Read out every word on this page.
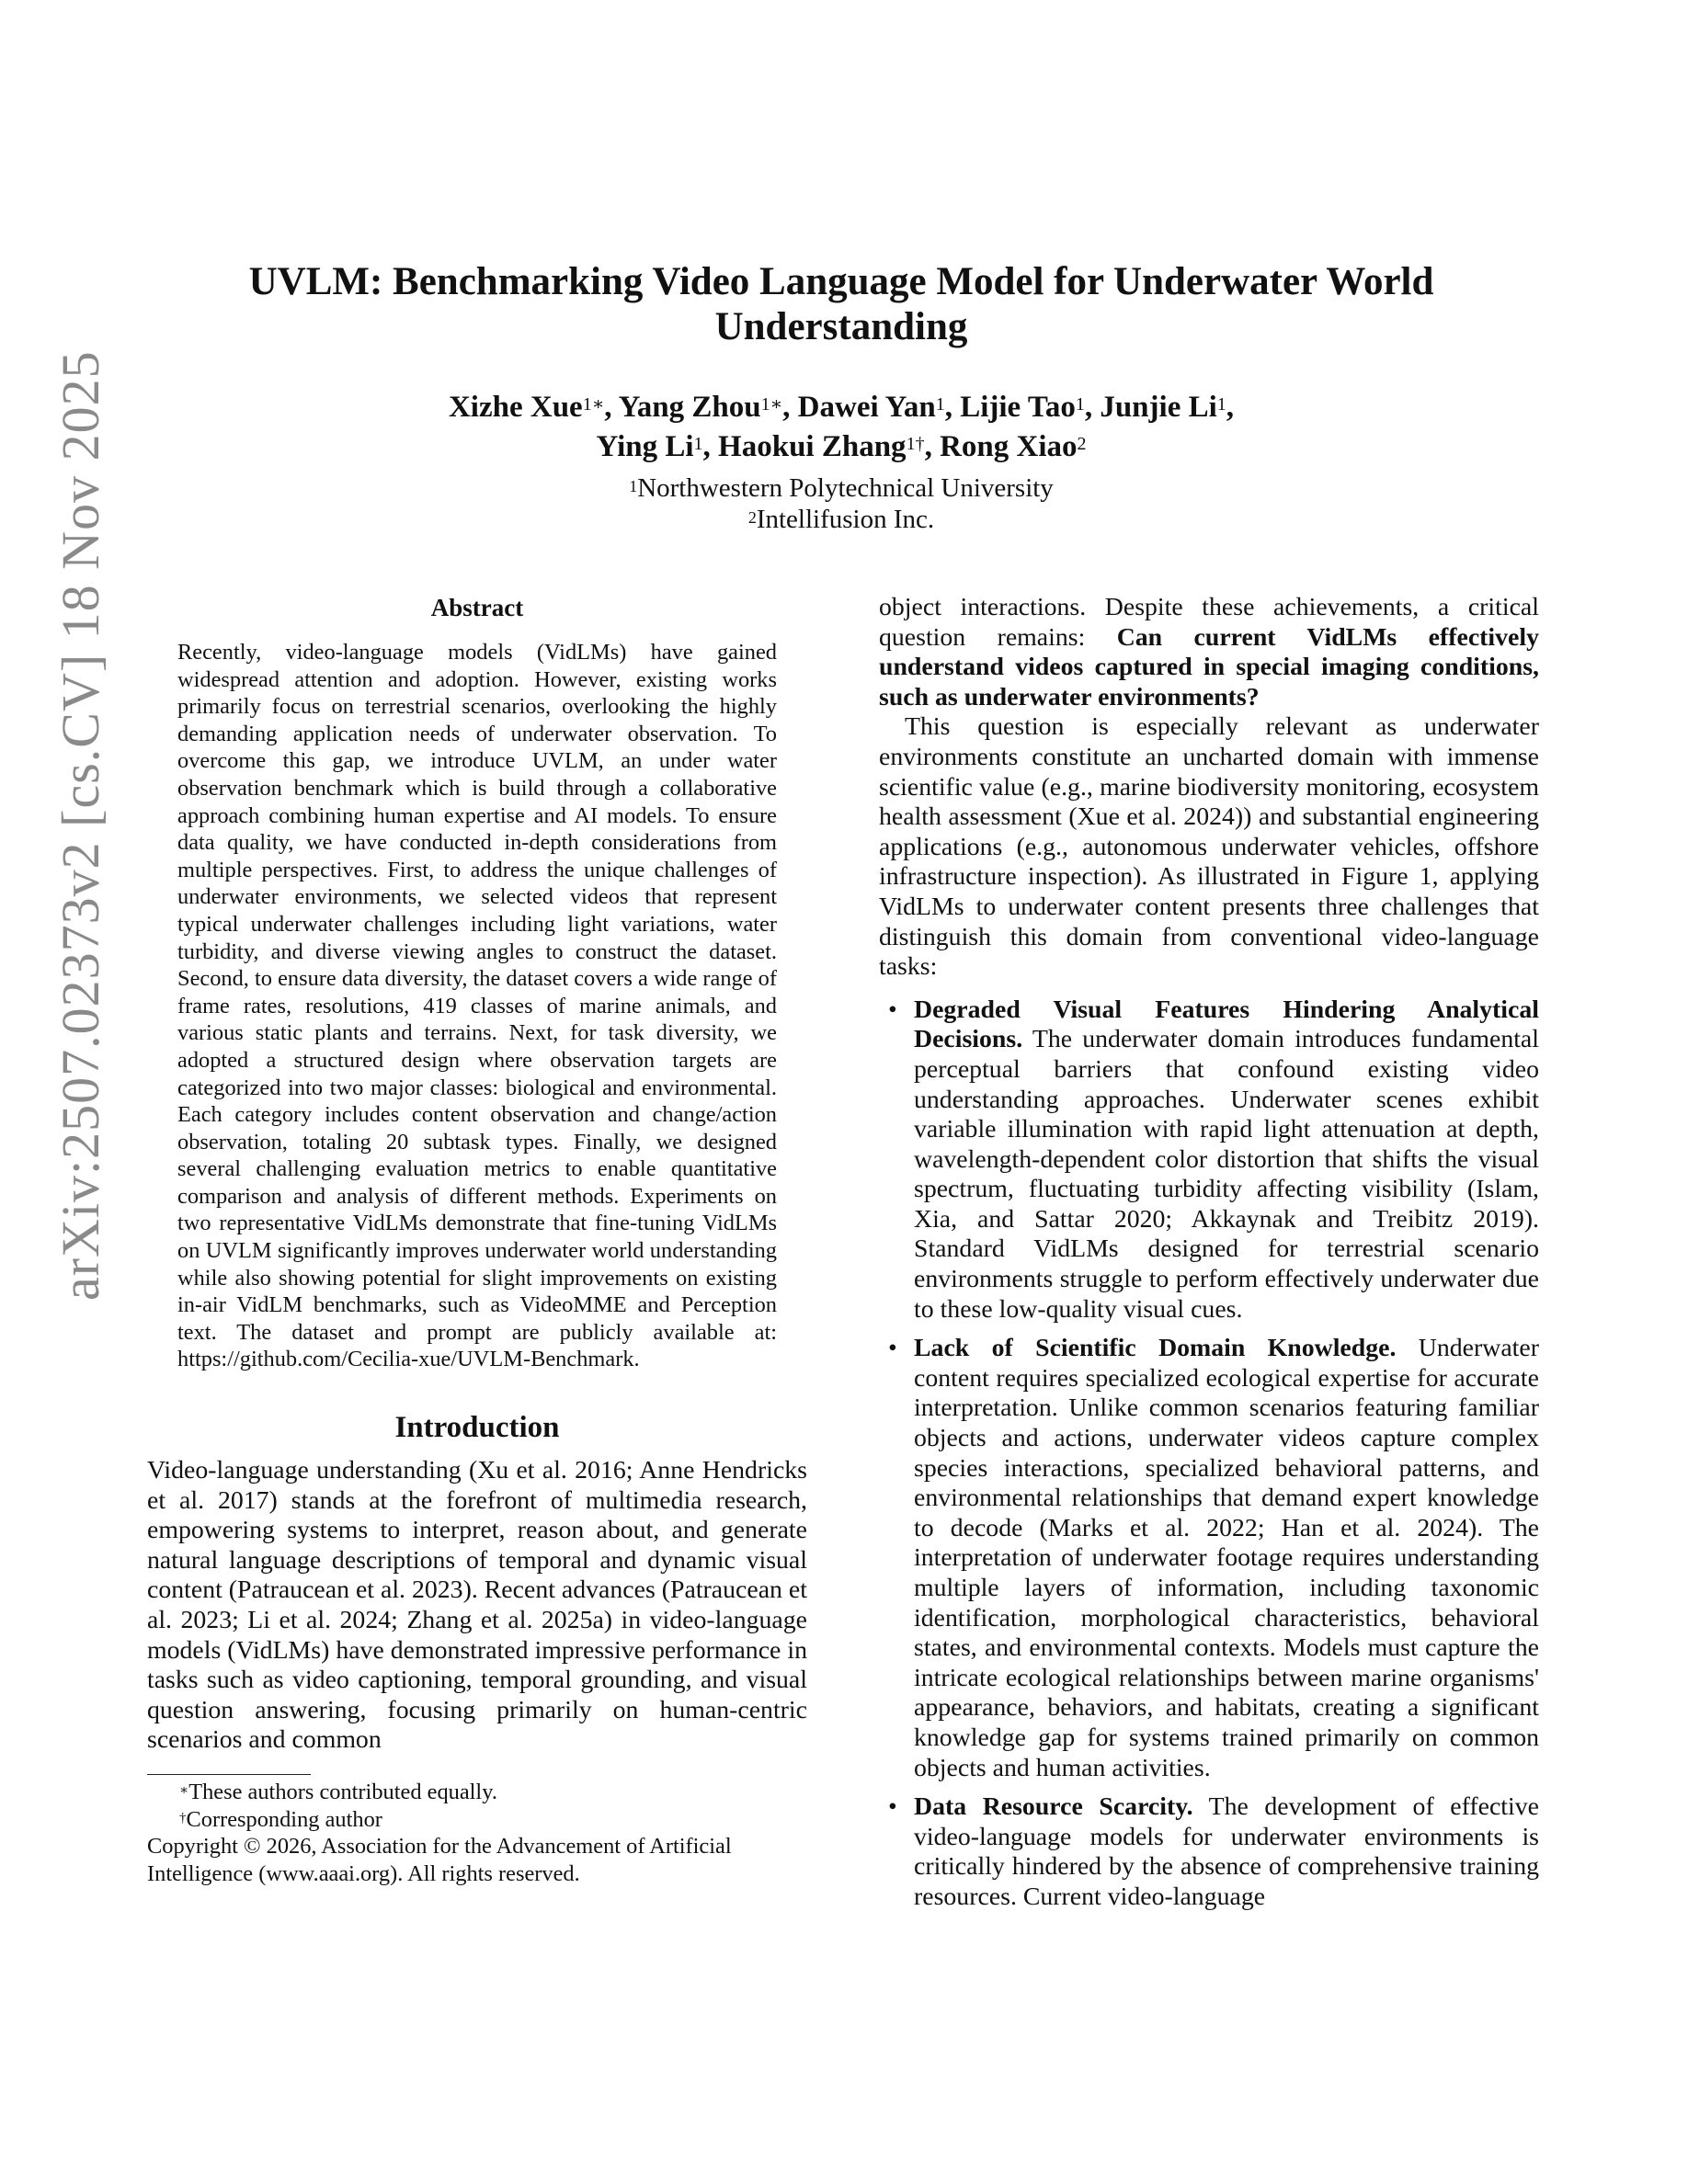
arXiv:2507.02373v2 [cs.CV] 18 Nov 2025
UVLM: Benchmarking Video Language Model for Underwater World
Understanding
Xizhe Xue$^{1∗}$, Yang Zhou$^{1∗}$, Dawei Yan$^1$, Lijie Tao$^1$, Junjie Li$^1$,
Ying Li$^1$, Haokui Zhang$^{1\dagger}$, Rong Xiao$^2$
$^1$Northwestern Polytechnical University
$^2$Intellifusion Inc.
Abstract

Recently, video-language models (VidLMs) have gained widespread attention and adoption. However, existing works primarily focus on terrestrial scenarios, overlooking the highly demanding application needs of underwater observation. To overcome this gap, we introduce UVLM, an under water observation benchmark which is build through a collaborative approach combining human expertise and AI models. To ensure data quality, we have conducted in-depth considerations from multiple perspectives. First, to address the unique challenges of underwater environments, we selected videos that represent typical underwater challenges including light variations, water turbidity, and diverse viewing angles to construct the dataset. Second, to ensure data diversity, the dataset covers a wide range of frame rates, resolutions, 419 classes of marine animals, and various static plants and terrains. Next, for task diversity, we adopted a structured design where observation targets are categorized into two major classes: biological and environmental. Each category includes content observation and change/action observation, totaling 20 subtask types. Finally, we designed several challenging evaluation metrics to enable quantitative comparison and analysis of different methods. Experiments on two representative VidLMs demonstrate that fine-tuning VidLMs on UVLM significantly improves underwater world understanding while also showing potential for slight improvements on existing in-air VidLM benchmarks, such as VideoMME and Perception text. The dataset and prompt are publicly available at: https://github.com/Cecilia-xue/UVLM-Benchmark.

Introduction

Video-language understanding (Xu et al. 2016; Anne Hendricks et al. 2017) stands at the forefront of multimedia research, empowering systems to interpret, reason about, and generate natural language descriptions of temporal and dynamic visual content (Patraucean et al. 2023). Recent advances (Patraucean et al. 2023; Li et al. 2024; Zhang et al. 2025a) in video-language models (VidLMs) have demonstrated impressive performance in tasks such as video captioning, temporal grounding, and visual question answering, focusing primarily on human-centric scenarios and common

∗These authors contributed equally.

†Corresponding author

Copyright © 2026, Association for the Advancement of Artificial Intelligence (www.aaai.org). All rights reserved.

object interactions. Despite these achievements, a critical question remains: Can current VidLMs effectively understand videos captured in special imaging conditions, such as underwater environments?

This question is especially relevant as underwater environments constitute an uncharted domain with immense scientific value (e.g., marine biodiversity monitoring, ecosystem health assessment (Xue et al. 2024)) and substantial engineering applications (e.g., autonomous underwater vehicles, offshore infrastructure inspection). As illustrated in Figure 1, applying VidLMs to underwater content presents three challenges that distinguish this domain from conventional video-language tasks:

• Degraded Visual Features Hindering Analytical Decisions. The underwater domain introduces fundamental perceptual barriers that confound existing video understanding approaches. Underwater scenes exhibit variable illumination with rapid light attenuation at depth, wavelength-dependent color distortion that shifts the visual spectrum, fluctuating turbidity affecting visibility (Islam, Xia, and Sattar 2020; Akkaynak and Treibitz 2019). Standard VidLMs designed for terrestrial scenario environments struggle to perform effectively underwater due to these low-quality visual cues.
• Lack of Scientific Domain Knowledge. Underwater content requires specialized ecological expertise for accurate interpretation. Unlike common scenarios featuring familiar objects and actions, underwater videos capture complex species interactions, specialized behavioral patterns, and environmental relationships that demand expert knowledge to decode (Marks et al. 2022; Han et al. 2024). The interpretation of underwater footage requires understanding multiple layers of information, including taxonomic identification, morphological characteristics, behavioral states, and environmental contexts. Models must capture the intricate ecological relationships between marine organisms' appearance, behaviors, and habitats, creating a significant knowledge gap for systems trained primarily on common objects and human activities.
• Data Resource Scarcity. The development of effective video-language models for underwater environments is critically hindered by the absence of comprehensive training resources. Current video-language
